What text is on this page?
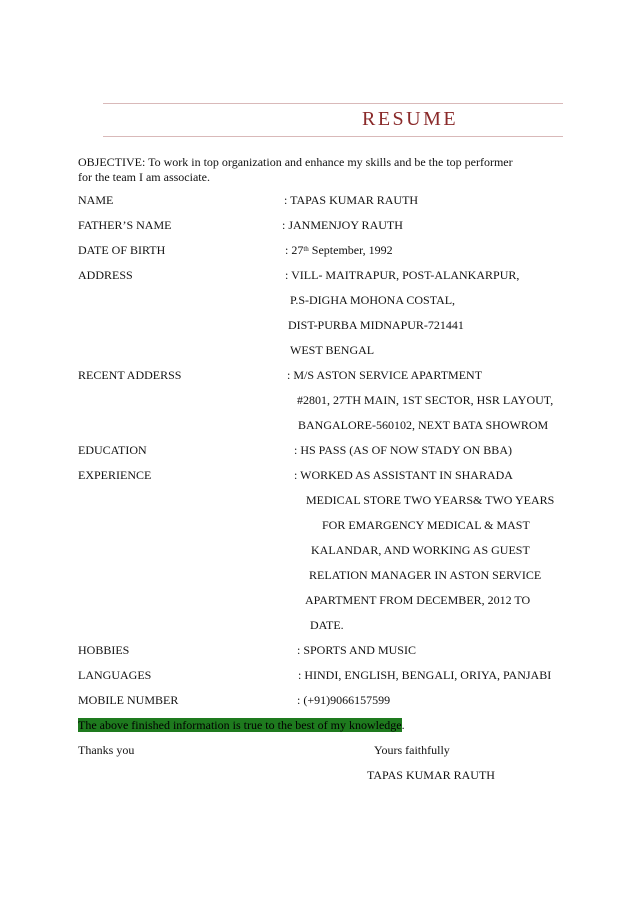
RESUME
OBJECTIVE: To work in top organization and enhance my skills and be the top performer
for the team I am associate.
NAME	: TAPAS KUMAR RAUTH
FATHER’S NAME	: JANMENJOY RAUTH
DATE OF BIRTH	: 27th September, 1992
ADDRESS	: VILL- MAITRAPUR, POST-ALANKARPUR,
P.S-DIGHA MOHONA COSTAL,
DIST-PURBA MIDNAPUR-721441
WEST BENGAL
RECENT ADDERSS	: M/S ASTON SERVICE APARTMENT
#2801, 27TH MAIN, 1ST SECTOR, HSR LAYOUT,
BANGALORE-560102, NEXT BATA SHOWROM
EDUCATION	: HS PASS (AS OF NOW STADY ON BBA)
EXPERIENCE	: WORKED AS ASSISTANT IN SHARADA
MEDICAL STORE TWO YEARS& TWO YEARS
FOR EMARGENCY MEDICAL & MAST
KALANDAR, AND WORKING AS GUEST
RELATION MANAGER IN ASTON SERVICE
APARTMENT FROM DECEMBER, 2012 TO
DATE.
HOBBIES	: SPORTS AND MUSIC
LANGUAGES	: HINDI, ENGLISH, BENGALI, ORIYA, PANJABI
MOBILE NUMBER	: (+91)9066157599
The above finished information is true to the best of my knowledge.
Thanks you	Yours faithfully
TAPAS KUMAR RAUTH
